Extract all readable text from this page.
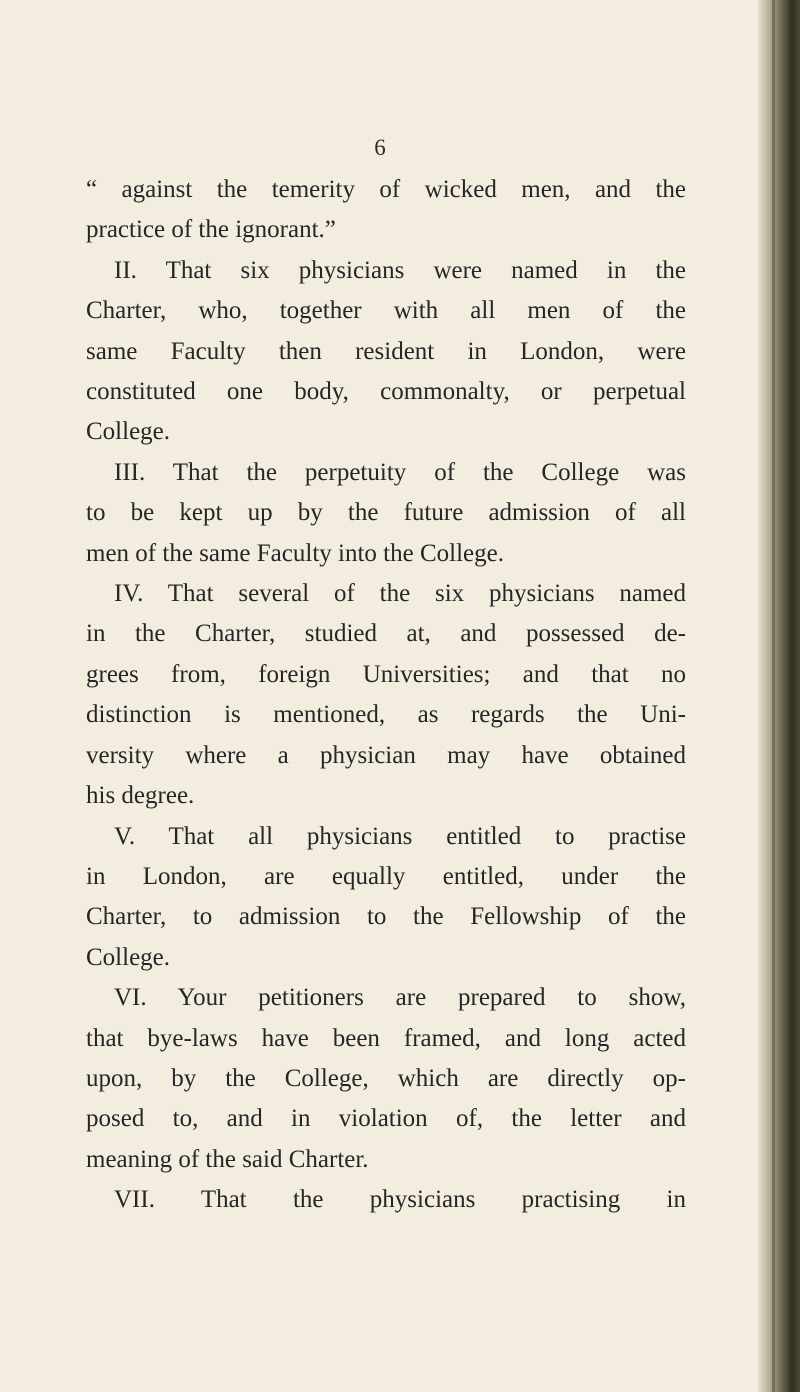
6
“ against the temerity of wicked men, and the
practice of the ignorant.”
II. That six physicians were named in the
Charter, who, together with all men of the
same Faculty then resident in London, were
constituted one body, commonalty, or perpetual
College.
III. That the perpetuity of the College was
to be kept up by the future admission of all
men of the same Faculty into the College.
IV. That several of the six physicians named
in the Charter, studied at, and possessed de-
grees from, foreign Universities; and that no
distinction is mentioned, as regards the Uni-
versity where a physician may have obtained
his degree.
V. That all physicians entitled to practise
in London, are equally entitled, under the
Charter, to admission to the Fellowship of the
College.
VI. Your petitioners are prepared to show,
that bye-laws have been framed, and long acted
upon, by the College, which are directly op-
posed to, and in violation of, the letter and
meaning of the said Charter.
VII. That the physicians practising in
